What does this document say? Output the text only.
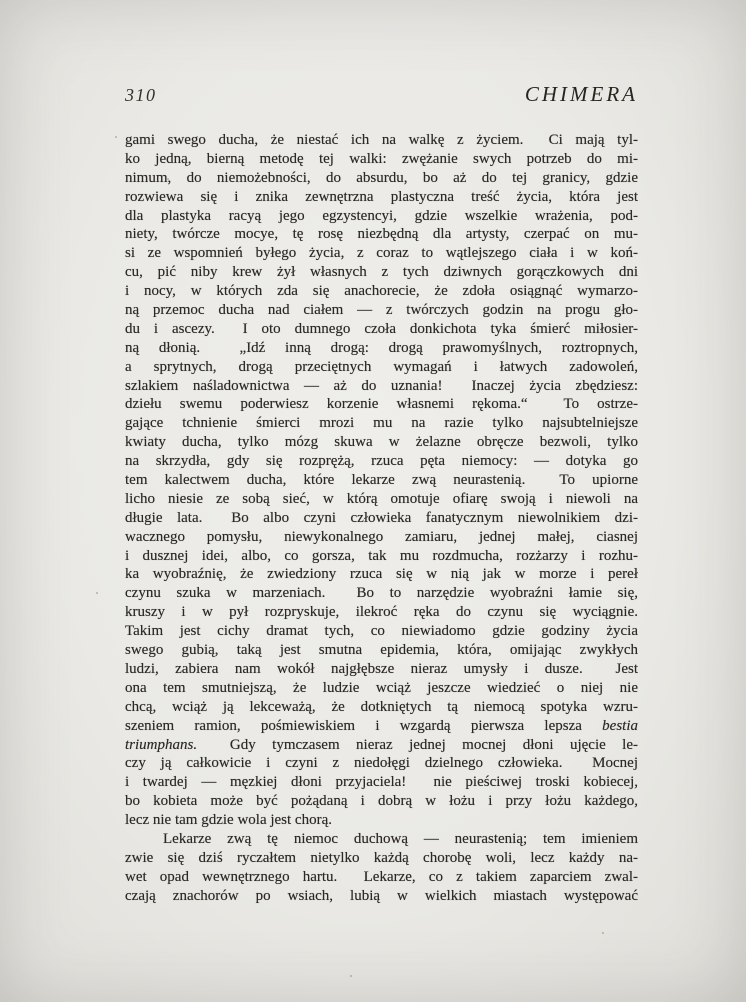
310	CHIMERA
gami swego ducha, że niestać ich na walkę z życiem.  Ci mają tyl-
ko jedną, bierną metodę tej walki: zwężanie swych potrzeb do mi-
nimum, do niemożebności, do absurdu, bo aż do tej granicy, gdzie
rozwiewa się i znika zewnętrzna plastyczna treść życia, która jest
dla plastyka racyą jego egzystencyi, gdzie wszelkie wrażenia, pod-
niety, twórcze mocye, tę rosę niezbędną dla artysty, czerpać on mu-
si ze wspomnień byłego życia, z coraz to wątlejszego ciała i w koń-
cu, pić niby krew żył własnych z tych dziwnych gorączkowych dni
i nocy, w których zda się anachorecie, że zdoła osiągnąć wymarzo-
ną przemoc ducha nad ciałem — z twórczych godzin na progu gło-
du i ascezy.  I oto dumnego czoła donkichota tyka śmierć miłosier-
ną dłonią.  „Idź inną drogą: drogą prawomyślnych, roztropnych,
a sprytnych, drogą przeciętnych wymagań i łatwych zadowoleń,
szlakiem naśladownictwa — aż do uznania!  Inaczej życia zbędziesz:
dziełu swemu poderwiesz korzenie własnemi rękoma.“  To ostrze-
gające tchnienie śmierci mrozi mu na razie tylko najsubtelniejsze
kwiaty ducha, tylko mózg skuwa w żelazne obręcze bezwoli, tylko
na skrzydła, gdy się rozprężą, rzuca pęta niemocy: — dotyka go
tem kalectwem ducha, które lekarze zwą neurastenią.  To upiorne
licho niesie ze sobą sieć, w którą omotuje ofiarę swoją i niewoli na
długie lata.  Bo albo czyni człowieka fanatycznym niewolnikiem dzi-
wacznego pomysłu, niewykonalnego zamiaru, jednej małej, ciasnej
i dusznej idei, albo, co gorsza, tak mu rozdmucha, rozżarzy i rozhu-
ka wyobraźnię, że zwiedziony rzuca się w nią jak w morze i pereł
czynu szuka w marzeniach.  Bo to narzędzie wyobraźni łamie się,
kruszy i w pył rozpryskuje, ilekroć ręka do czynu się wyciągnie.
Takim jest cichy dramat tych, co niewiadomo gdzie godziny życia
swego gubią, taką jest smutna epidemia, która, omijając zwykłych
ludzi, zabiera nam wokół najgłębsze nieraz umysły i dusze.  Jest
ona tem smutniejszą, że ludzie wciąż jeszcze wiedzieć o niej nie
chcą, wciąż ją lekceważą, że dotkniętych tą niemocą spotyka wzru-
szeniem ramion, pośmiewiskiem i wzgardą pierwsza lepsza bestia
triumphans.  Gdy tymczasem nieraz jednej mocnej dłoni ujęcie le-
czy ją całkowicie i czyni z niedołęgi dzielnego człowieka.  Mocnej
i twardej — męzkiej dłoni przyjaciela!  nie pieściwej troski kobiecej,
bo kobieta może być pożądaną i dobrą w łożu i przy łożu każdego,
lecz nie tam gdzie wola jest chorą.
Lekarze zwą tę niemoc duchową — neurastenią; tem imieniem
zwie się dziś ryczałtem nietylko każdą chorobę woli, lecz każdy na-
wet opad wewnętrznego hartu.  Lekarze, co z takiem zaparciem zwal-
czają znachorów po wsiach, lubią w wielkich miastach występować
